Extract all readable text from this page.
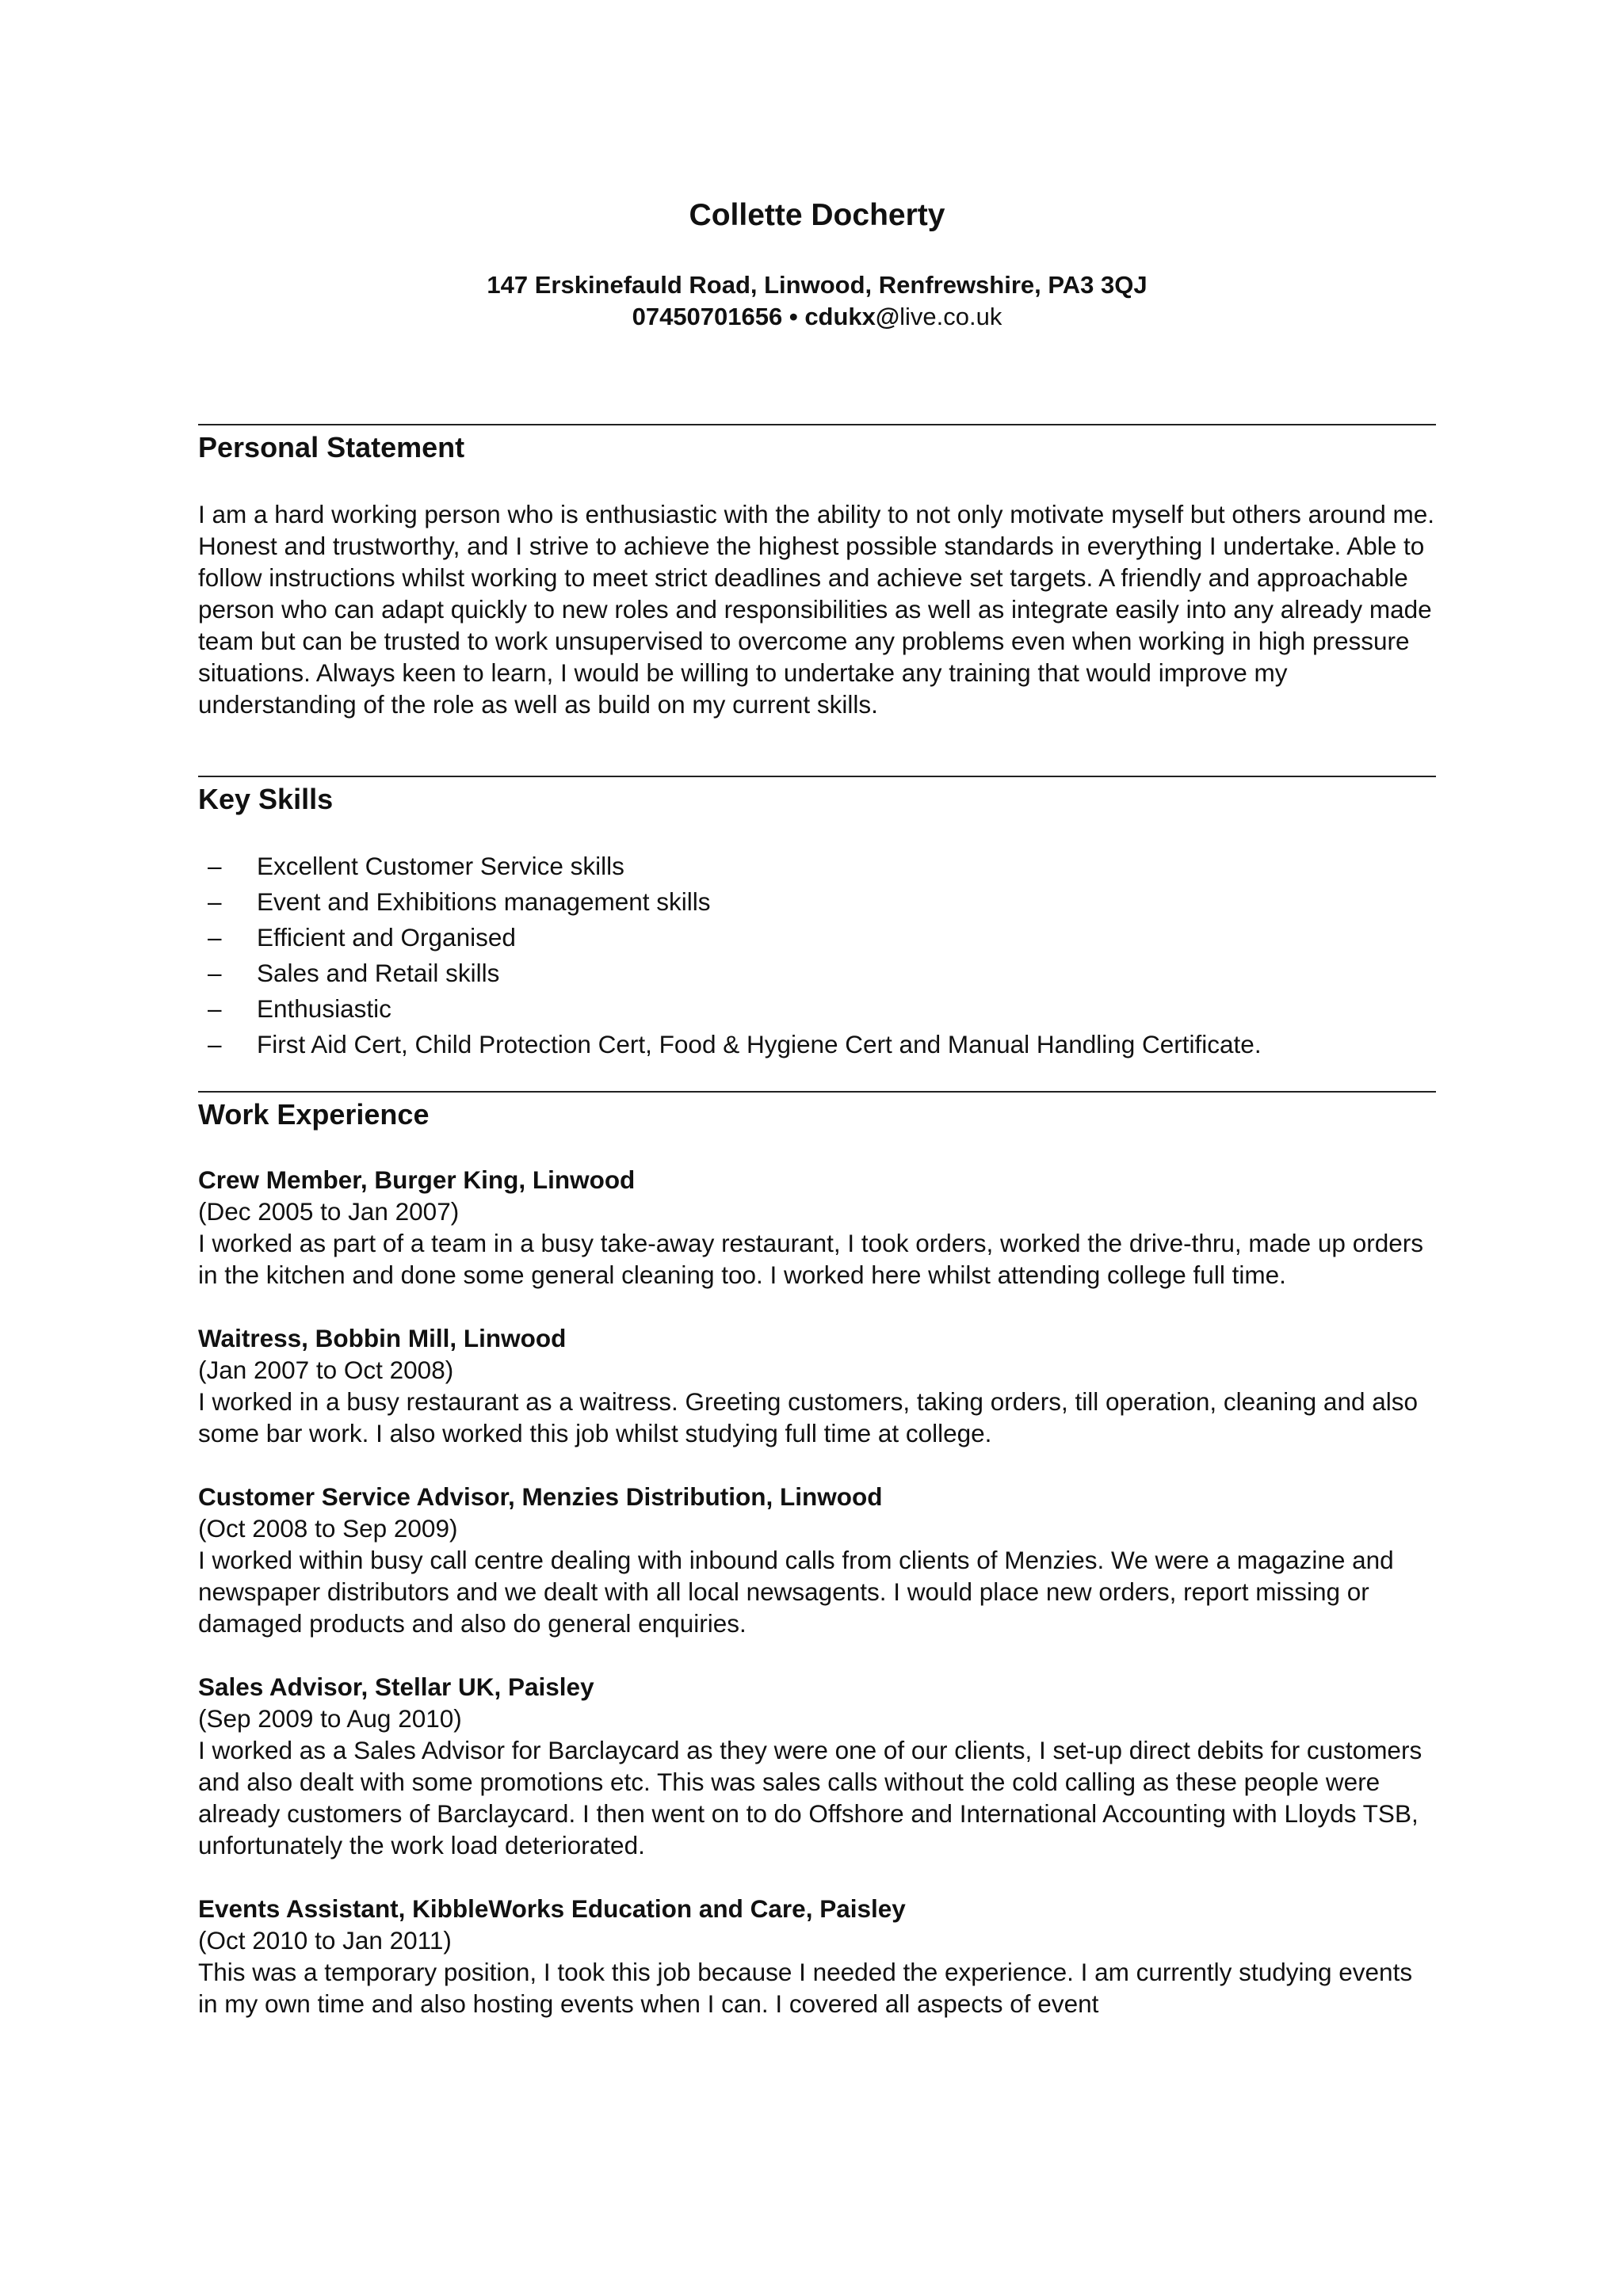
Collette Docherty
147 Erskinefauld Road, Linwood, Renfrewshire, PA3 3QJ
07450701656 • cdukx@live.co.uk
Personal Statement
I am a hard working person who is enthusiastic with the ability to not only motivate myself but others around me. Honest and trustworthy, and I strive to achieve the highest possible standards in everything I undertake. Able to follow instructions whilst working to meet strict deadlines and achieve set targets. A friendly and approachable person who can adapt quickly to new roles and responsibilities as well as integrate easily into any already made team but can be trusted to work unsupervised to overcome any problems even when working in high pressure situations. Always keen to learn, I would be willing to undertake any training that would improve my understanding of the role as well as build on my current skills.
Key Skills
– Excellent Customer Service skills
– Event and Exhibitions management skills
– Efficient and Organised
– Sales and Retail skills
– Enthusiastic
– First Aid Cert, Child Protection Cert, Food & Hygiene Cert and Manual Handling Certificate.
Work Experience
Crew Member, Burger King, Linwood
(Dec 2005 to Jan 2007)
I worked as part of a team in a busy take-away restaurant, I took orders, worked the drive-thru, made up orders in the kitchen and done some general cleaning too. I worked here whilst attending college full time.
Waitress, Bobbin Mill, Linwood
(Jan 2007 to Oct 2008)
I worked in a busy restaurant as a waitress. Greeting customers, taking orders, till operation, cleaning and also some bar work. I also worked this job whilst studying full time at college.
Customer Service Advisor, Menzies Distribution, Linwood
(Oct 2008 to Sep 2009)
I worked within busy call centre dealing with inbound calls from clients of Menzies. We were a magazine and newspaper distributors and we dealt with all local newsagents. I would place new orders, report missing or damaged products and also do general enquiries.
Sales Advisor, Stellar UK, Paisley
(Sep 2009 to Aug 2010)
I worked as a Sales Advisor for Barclaycard as they were one of our clients, I set-up direct debits for customers and also dealt with some promotions etc. This was sales calls without the cold calling as these people were already customers of Barclaycard. I then went on to do Offshore and International Accounting with Lloyds TSB, unfortunately the work load deteriorated.
Events Assistant, KibbleWorks Education and Care, Paisley
(Oct 2010 to Jan 2011)
This was a temporary position, I took this job because I needed the experience. I am currently studying events in my own time and also hosting events when I can. I covered all aspects of event
